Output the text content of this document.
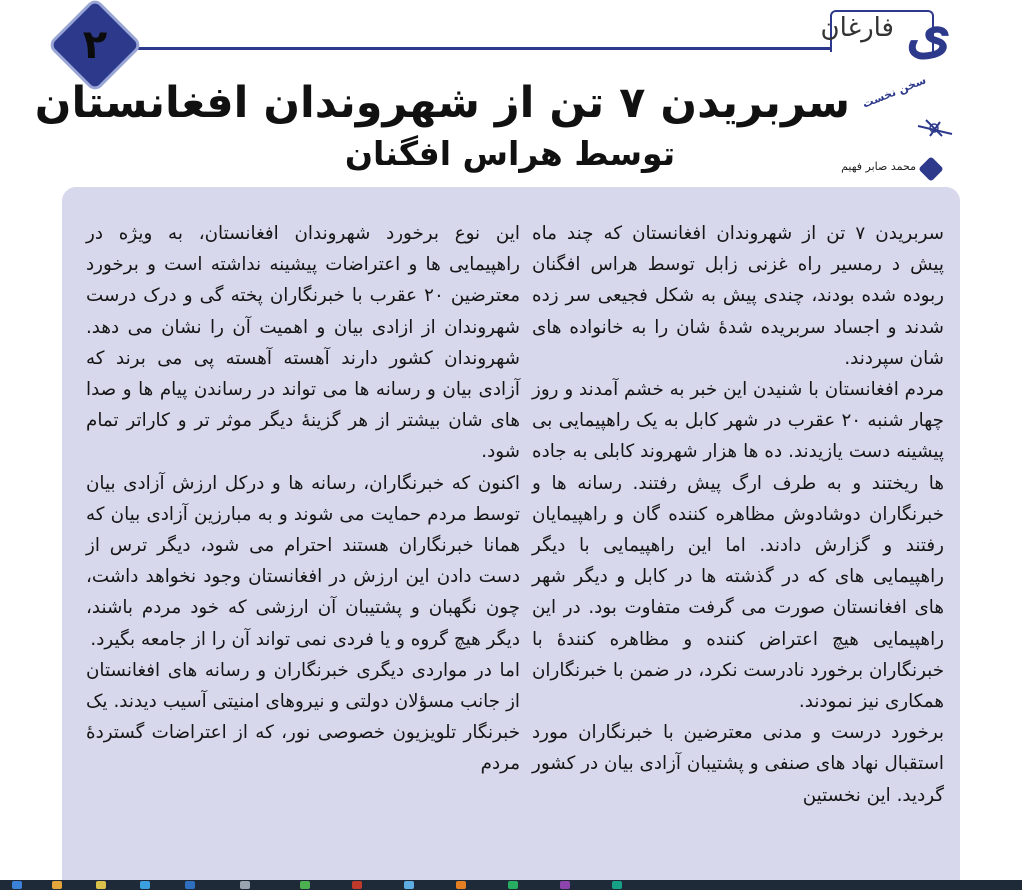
۲	فارغان ی
سربریدن ۷ تن از شهروندان افغانستان
توسط هراس افگنان
سخن نخست
محمد صابر فهیم

سربریدن ۷ تن از شهروندان افغانستان که چند ماه پیش د رمسیر راه غزنی زابل توسط هراس افگنان ربوده شده بودند، چندی پیش به شکل فجیعی سر زده شدند و اجساد سربریده شدۀ شان را به خانواده های شان سپردند.

مردم افغانستان با شنیدن این خبر به خشم آمدند و روز چهار شنبه ۲۰ عقرب در شهر کابل به یک راهپیمایی بی پیشینه دست یازیدند. ده ها هزار شهروند کابلی به جاده ها ریختند و به طرف ارگ پیش رفتند. رسانه ها و خبرنگاران دوشادوش مظاهره کننده گان و راهپیمایان رفتند و گزارش دادند. اما این راهپیمایی با دیگر راهپیمایی های که در گذشته ها در کابل و دیگر شهر های افغانستان صورت می گرفت متفاوت بود. در این راهپیمایی هیچ اعتراض کننده و مظاهره کنندۀ با خبرنگاران برخورد نادرست نکرد، در ضمن با خبرنگاران همکاری نیز نمودند.

برخورد درست و مدنی معترضین با خبرنگاران مورد استقبال نهاد های صنفی و پشتیبان آزادی بیان در کشور گردید. این نخستین

این نوع برخورد شهروندان افغانستان، به ویژه در راهپیمایی ها و اعتراضات پیشینه نداشته است و برخورد معترضین ۲۰ عقرب با خبرنگاران پخته گی و درک درست شهروندان از ازادی بیان و اهمیت آن را نشان می دهد. شهروندان کشور دارند آهسته آهسته پی می برند که آزادی بیان و رسانه ها می تواند در رساندن پیام ها و صدا های شان بیشتر از هر گزینۀ دیگر موثر تر و کاراتر تمام شود.

اکنون که خبرنگاران، رسانه ها و درکل ارزش آزادی بیان توسط مردم حمایت می شوند و به مبارزین آزادی بیان که همانا خبرنگاران هستند احترام می شود، دیگر ترس از دست دادن این ارزش در افغانستان وجود نخواهد داشت، چون نگهبان و پشتیبان آن ارزشی که خود مردم باشند، دیگر هیچ گروه و یا فردی نمی تواند آن را از جامعه بگیرد.

اما در مواردی دیگری خبرنگاران و رسانه های افغانستان از جانب مسؤلان دولتی و نیروهای امنیتی آسیب دیدند. یک خبرنگار تلویزیون خصوصی نور، که از اعتراضات گستردۀ مردم
